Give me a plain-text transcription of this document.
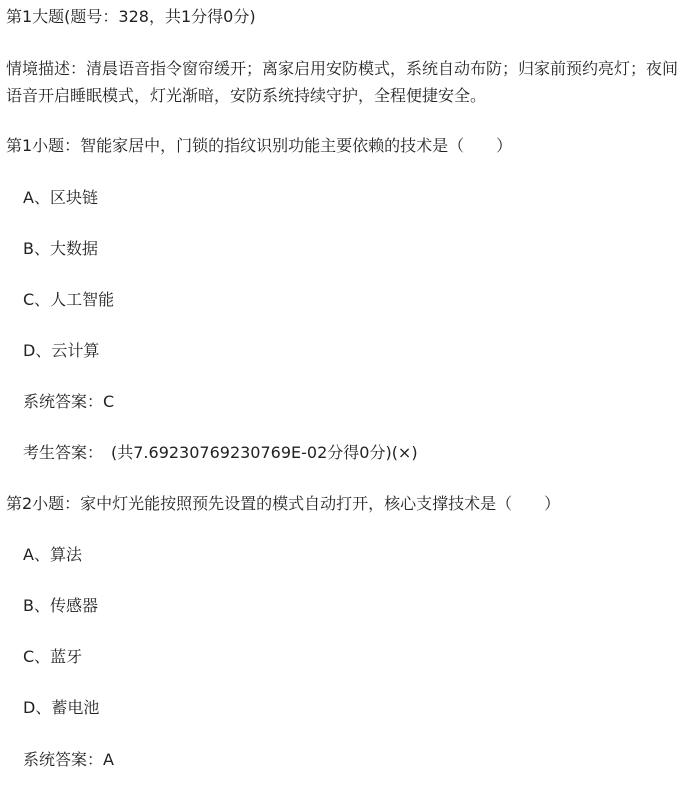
第1大题(题号：328，共1分得0分)
情境描述：清晨语音指令窗帘缓开；离家启用安防模式，系统自动布防；归家前预约亮灯；夜间语音开启睡眠模式，灯光渐暗，安防系统持续守护，全程便捷安全。
第1小题：智能家居中，门锁的指纹识别功能主要依赖的技术是（　　）
A、区块链
B、大数据
C、人工智能
D、云计算
系统答案：C
考生答案：　(共7.69230769230769E-02分得0分)(×)
第2小题：家中灯光能按照预先设置的模式自动打开，核心支撑技术是（　　）
A、算法
B、传感器
C、蓝牙
D、蓄电池
系统答案：A
